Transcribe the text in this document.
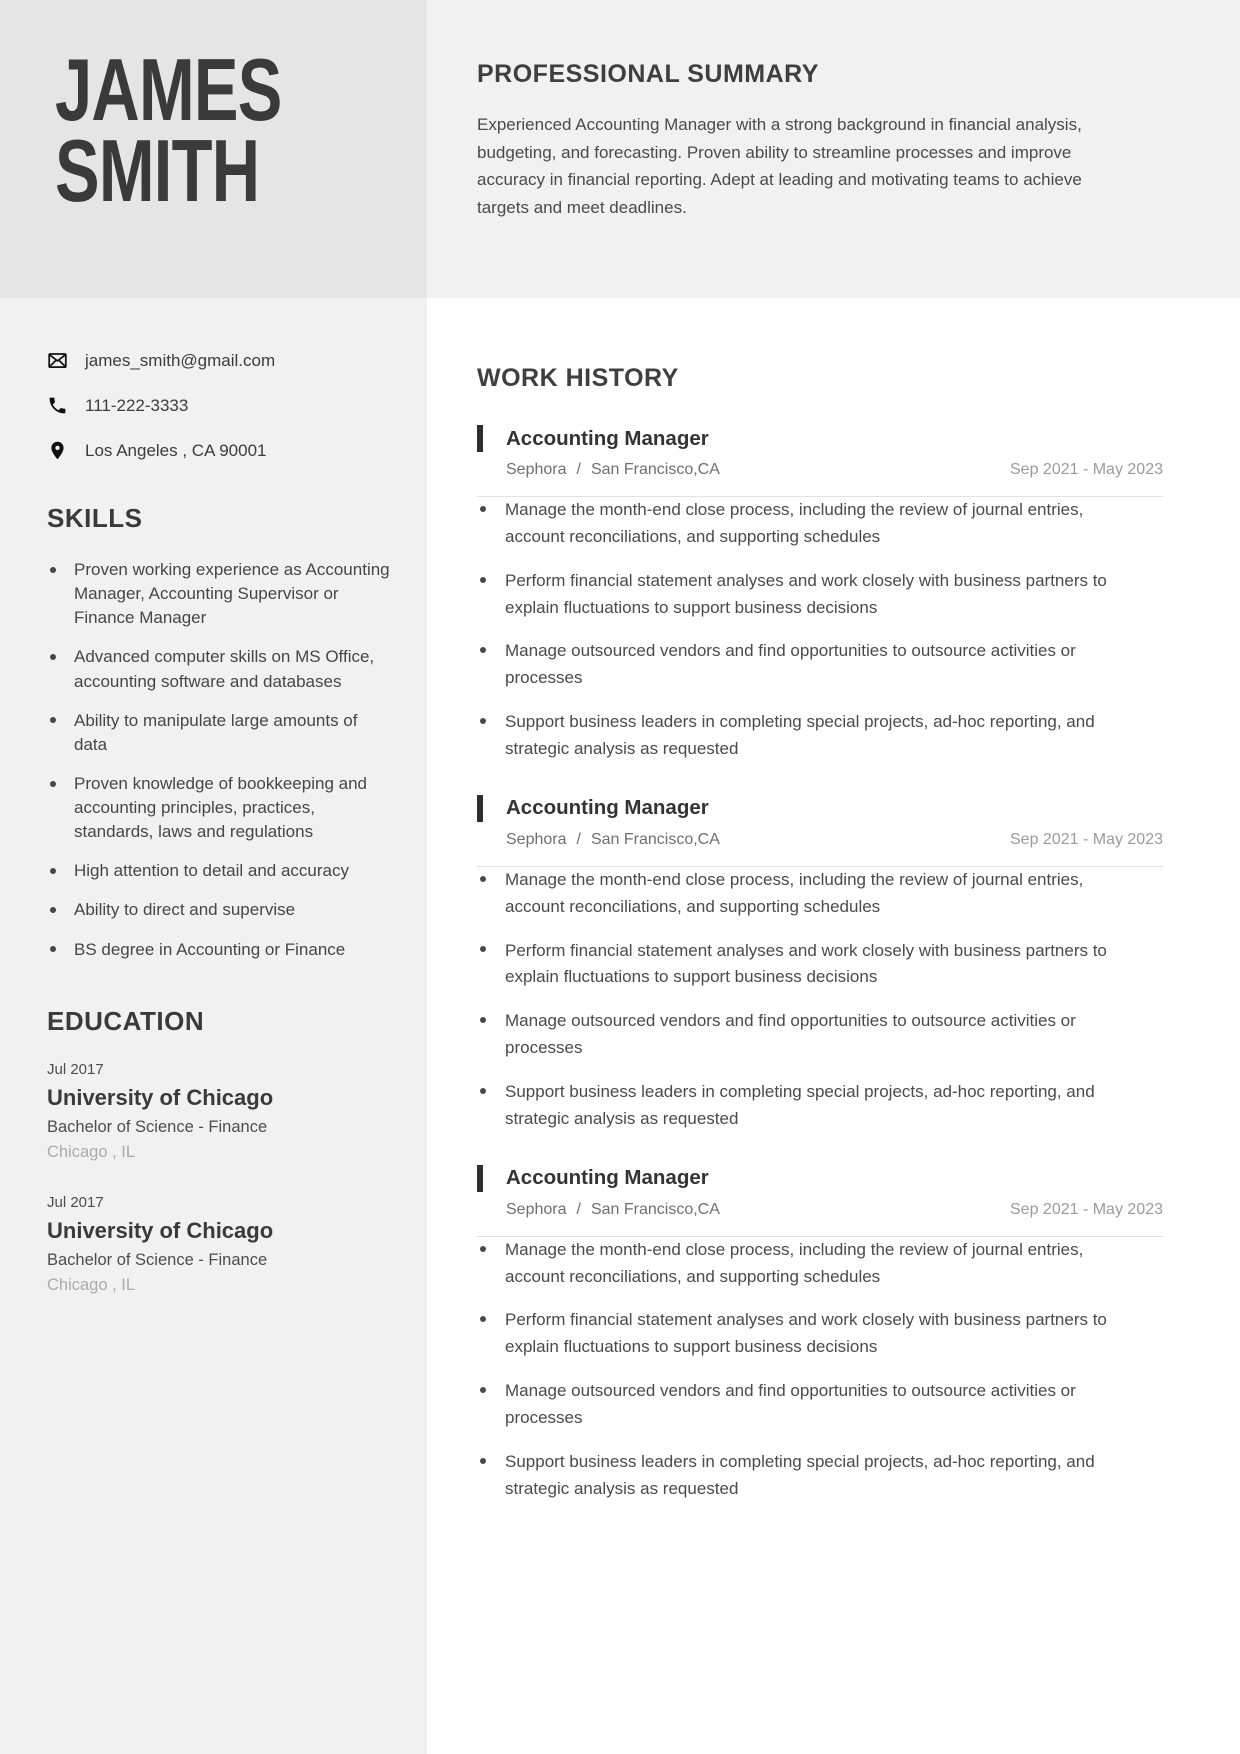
JAMES
SMITH
james_smith@gmail.com
111-222-3333
Los Angeles , CA 90001
SKILLS
Proven working experience as Accounting Manager, Accounting Supervisor or Finance Manager
Advanced computer skills on MS Office, accounting software and databases
Ability to manipulate large amounts of data
Proven knowledge of bookkeeping and accounting principles, practices, standards, laws and regulations
High attention to detail and accuracy
Ability to direct and supervise
BS degree in Accounting or Finance
EDUCATION
Jul 2017
University of Chicago
Bachelor of Science - Finance
Chicago , IL
Jul 2017
University of Chicago
Bachelor of Science - Finance
Chicago , IL
PROFESSIONAL SUMMARY

Experienced Accounting Manager with a strong background in financial analysis, budgeting, and forecasting. Proven ability to streamline processes and improve accuracy in financial reporting. Adept at leading and motivating teams to achieve targets and meet deadlines.

WORK HISTORY
Accounting Manager
Sephora / San Francisco,CA	Sep 2021 - May 2023
Manage the month-end close process, including the review of journal entries, account reconciliations, and supporting schedules
Perform financial statement analyses and work closely with business partners to explain fluctuations to support business decisions
Manage outsourced vendors and find opportunities to outsource activities or processes
Support business leaders in completing special projects, ad-hoc reporting, and strategic analysis as requested
Accounting Manager
Sephora / San Francisco,CA	Sep 2021 - May 2023
Manage the month-end close process, including the review of journal entries, account reconciliations, and supporting schedules
Perform financial statement analyses and work closely with business partners to explain fluctuations to support business decisions
Manage outsourced vendors and find opportunities to outsource activities or processes
Support business leaders in completing special projects, ad-hoc reporting, and strategic analysis as requested
Accounting Manager
Sephora / San Francisco,CA	Sep 2021 - May 2023
Manage the month-end close process, including the review of journal entries, account reconciliations, and supporting schedules
Perform financial statement analyses and work closely with business partners to explain fluctuations to support business decisions
Manage outsourced vendors and find opportunities to outsource activities or processes
Support business leaders in completing special projects, ad-hoc reporting, and strategic analysis as requested
